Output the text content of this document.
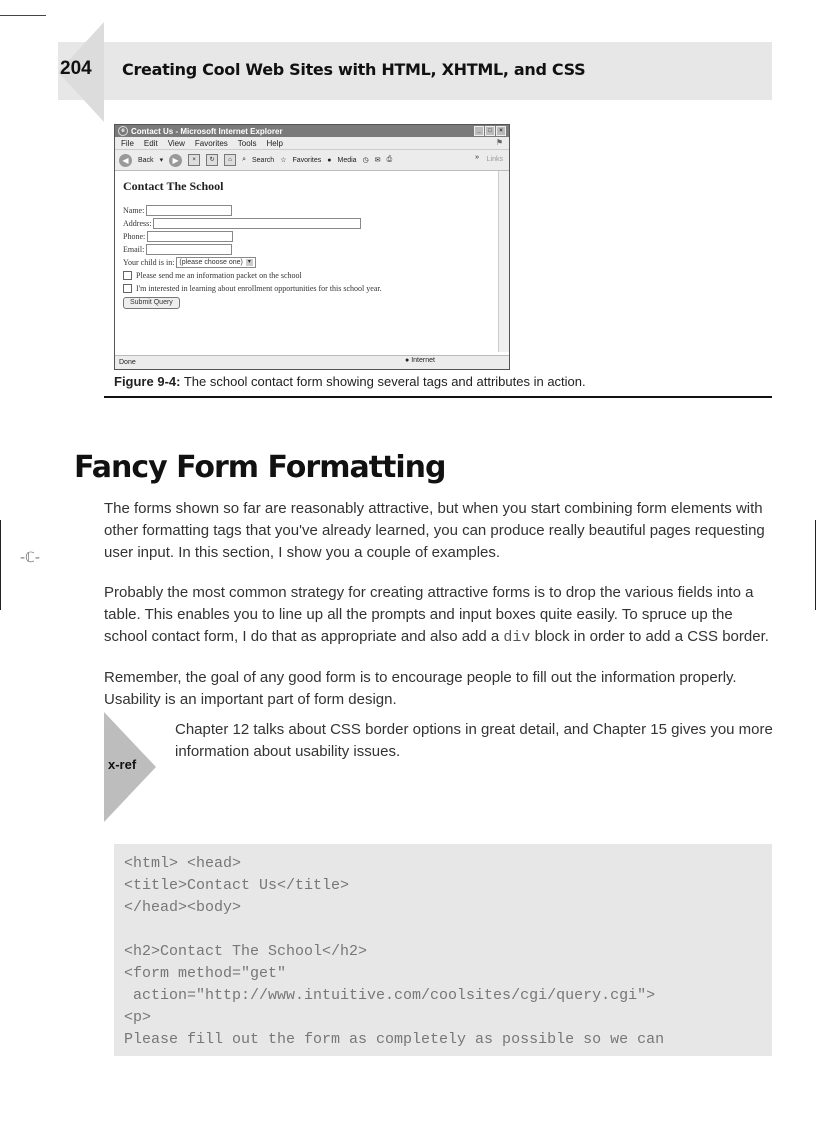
204 Creating Cool Web Sites with HTML, XHTML, and CSS
e Contact Us - Microsoft Internet Explorer	_	□	×
File Edit View Favorites Tools Help	⚑
◀	Back ▾	▶	×	↻	⌂	⌕ Search ☆ Favorites ● Media ◷ ✉ ⎙	» Links
Contact The School
Name:
Address:
Phone:
Email:
Your child is in: (please choose one) ▾
Please send me an information packet on the school
I'm interested in learning about enrollment opportunities for this school year.
Submit Query
Done	● Internet
Figure 9-4: The school contact form showing several tags and attributes in action.
Fancy Form Formatting

The forms shown so far are reasonably attractive, but when you start combining form elements with other formatting tags that you've already learned, you can produce really beautiful pages requesting user input. In this section, I show you a couple of examples.

Probably the most common strategy for creating attractive forms is to drop the various fields into a table. This enables you to line up all the prompts and input boxes quite easily. To spruce up the school contact form, I do that as appropriate and also add a div block in order to add a CSS border.

Remember, the goal of any good form is to encourage people to fill out the information properly. Usability is an important part of form design.

-ℂ-
x-ref

Chapter 12 talks about CSS border options in great detail, and Chapter 15 gives you more information about usability issues.

<html> <head>
<title>Contact Us</title>
</head><body>
<h2>Contact The School</h2>
<form method="get"
action="http://www.intuitive.com/coolsites/cgi/query.cgi">
<p>
Please fill out the form as completely as possible so we can
